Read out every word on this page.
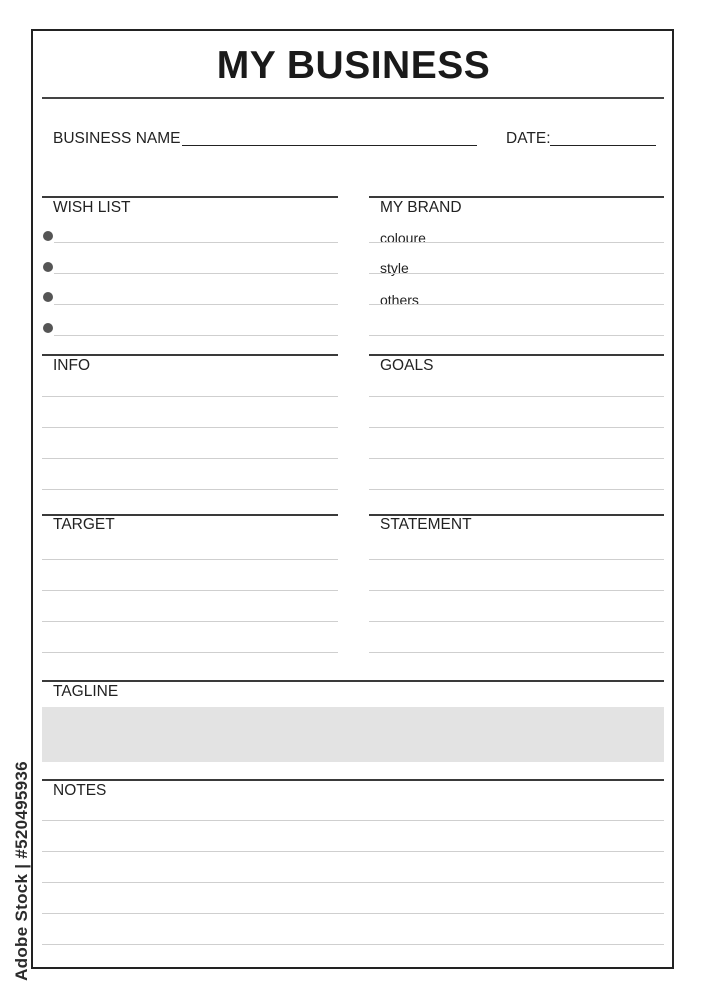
MY BUSINESS
BUSINESS NAME	DATE:
WISH LIST	MY BRAND
coloure
style
others
INFO	GOALS
TARGET	STATEMENT
TAGLINE
NOTES
Adobe Stock | #520495936
